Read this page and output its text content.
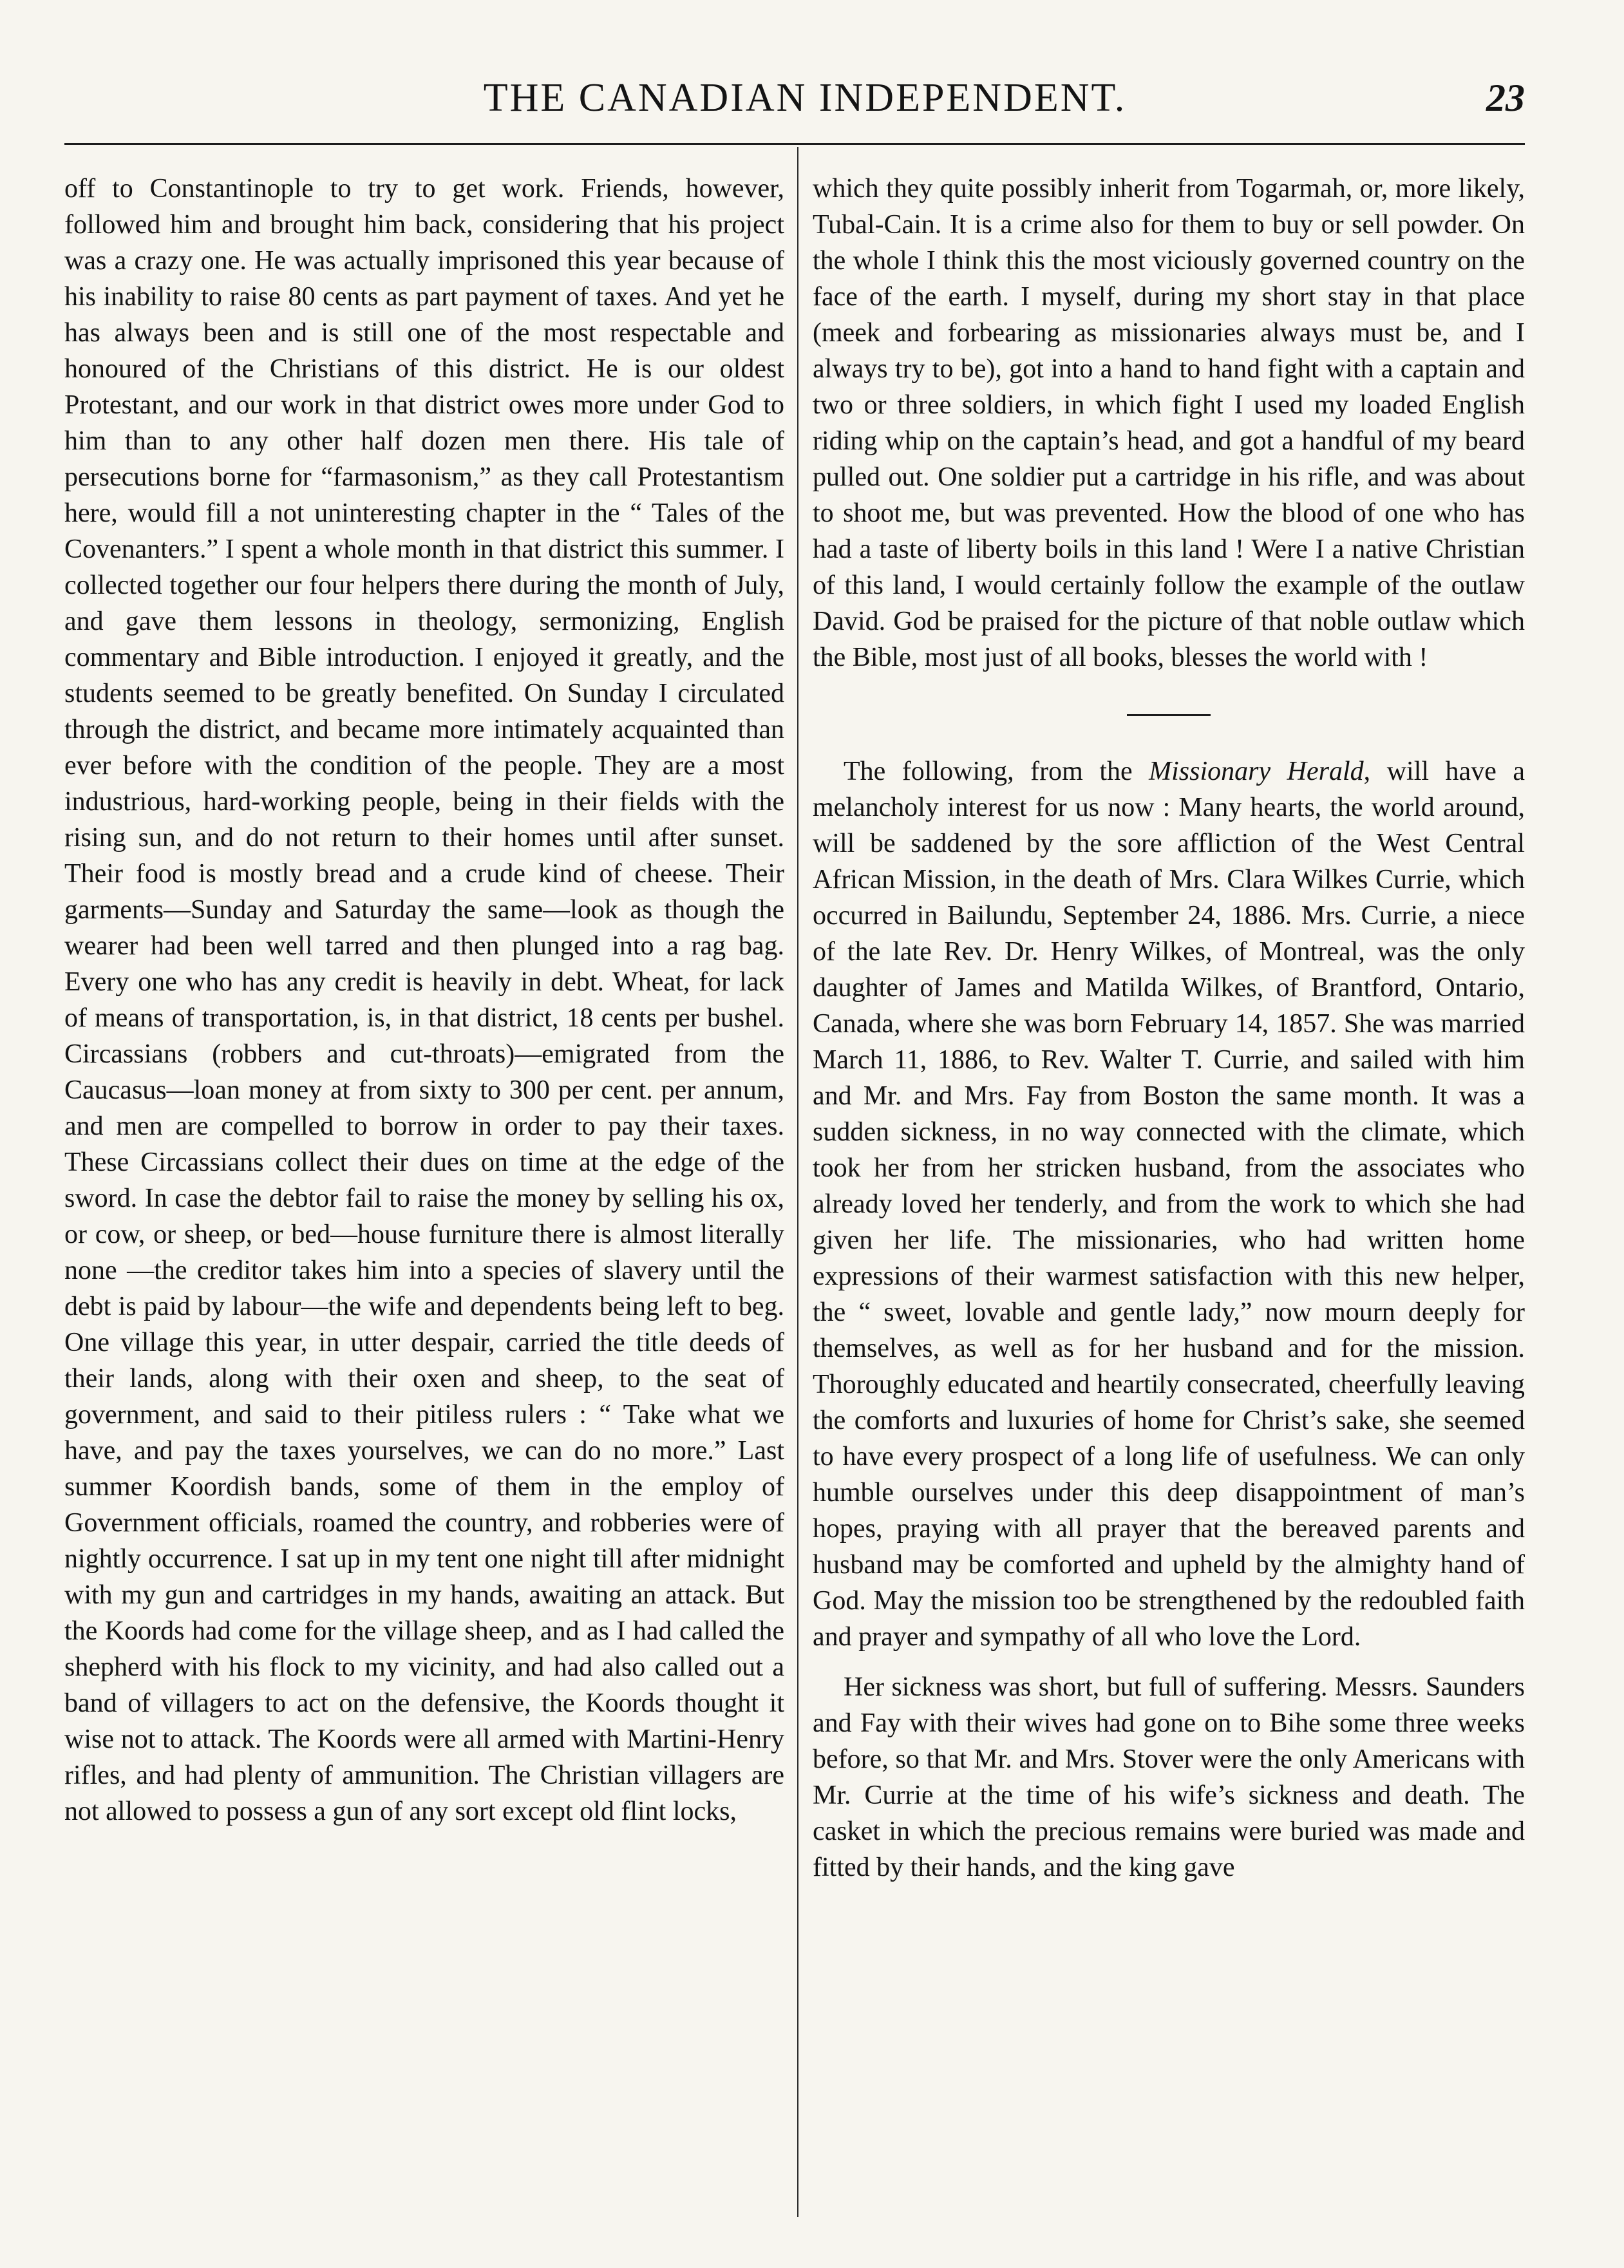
THE CANADIAN INDEPENDENT.	23

off to Constantinople to try to get work. Friends, however, followed him and brought him back, considering that his project was a crazy one. He was actually imprisoned this year because of his inability to raise 80 cents as part payment of taxes. And yet he has always been and is still one of the most respectable and honoured of the Christians of this district. He is our oldest Protestant, and our work in that district owes more under God to him than to any other half dozen men there. His tale of persecutions borne for “farmasonism,” as they call Protestantism here, would fill a not uninteresting chapter in the “ Tales of the Covenanters.” I spent a whole month in that district this summer. I collected together our four helpers there during the month of July, and gave them lessons in theology, sermonizing, English commentary and Bible introduction. I enjoyed it greatly, and the students seemed to be greatly benefited. On Sunday I circulated through the district, and became more intimately acquainted than ever before with the condition of the people. They are a most industrious, hard-working people, being in their fields with the rising sun, and do not return to their homes until after sunset. Their food is mostly bread and a crude kind of cheese. Their garments—Sunday and Saturday the same—look as though the wearer had been well tarred and then plunged into a rag bag. Every one who has any credit is heavily in debt. Wheat, for lack of means of transportation, is, in that district, 18 cents per bushel. Circassians (robbers and cut-throats)—emigrated from the Caucasus—loan money at from sixty to 300 per cent. per annum, and men are compelled to borrow in order to pay their taxes. These Circassians collect their dues on time at the edge of the sword. In case the debtor fail to raise the money by selling his ox, or cow, or sheep, or bed—house furniture there is almost literally none —the creditor takes him into a species of slavery until the debt is paid by labour—the wife and dependents being left to beg. One village this year, in utter despair, carried the title deeds of their lands, along with their oxen and sheep, to the seat of government, and said to their pitiless rulers : “ Take what we have, and pay the taxes yourselves, we can do no more.” Last summer Koordish bands, some of them in the employ of Government officials, roamed the country, and robberies were of nightly occurrence. I sat up in my tent one night till after midnight with my gun and cartridges in my hands, awaiting an attack. But the Koords had come for the village sheep, and as I had called the shepherd with his flock to my vicinity, and had also called out a band of villagers to act on the defensive, the Koords thought it wise not to attack. The Koords were all armed with Martini-Henry rifles, and had plenty of ammunition. The Christian villagers are not allowed to possess a gun of any sort except old flint locks,

which they quite possibly inherit from Togarmah, or, more likely, Tubal-Cain. It is a crime also for them to buy or sell powder. On the whole I think this the most viciously governed country on the face of the earth. I myself, during my short stay in that place (meek and forbearing as missionaries always must be, and I always try to be), got into a hand to hand fight with a captain and two or three soldiers, in which fight I used my loaded English riding whip on the captain’s head, and got a handful of my beard pulled out. One soldier put a cartridge in his rifle, and was about to shoot me, but was prevented. How the blood of one who has had a taste of liberty boils in this land ! Were I a native Christian of this land, I would certainly follow the example of the outlaw David. God be praised for the picture of that noble outlaw which the Bible, most just of all books, blesses the world with !

The following, from the Missionary Herald, will have a melancholy interest for us now : Many hearts, the world around, will be saddened by the sore affliction of the West Central African Mission, in the death of Mrs. Clara Wilkes Currie, which occurred in Bailundu, September 24, 1886. Mrs. Currie, a niece of the late Rev. Dr. Henry Wilkes, of Montreal, was the only daughter of James and Matilda Wilkes, of Brantford, Ontario, Canada, where she was born February 14, 1857. She was married March 11, 1886, to Rev. Walter T. Currie, and sailed with him and Mr. and Mrs. Fay from Boston the same month. It was a sudden sickness, in no way connected with the climate, which took her from her stricken husband, from the associates who already loved her tenderly, and from the work to which she had given her life. The missionaries, who had written home expressions of their warmest satisfaction with this new helper, the “ sweet, lovable and gentle lady,” now mourn deeply for themselves, as well as for her husband and for the mission. Thoroughly educated and heartily consecrated, cheerfully leaving the comforts and luxuries of home for Christ’s sake, she seemed to have every prospect of a long life of usefulness. We can only humble ourselves under this deep disappointment of man’s hopes, praying with all prayer that the bereaved parents and husband may be comforted and upheld by the almighty hand of God. May the mission too be strengthened by the redoubled faith and prayer and sympathy of all who love the Lord.

Her sickness was short, but full of suffering. Messrs. Saunders and Fay with their wives had gone on to Bihe some three weeks before, so that Mr. and Mrs. Stover were the only Americans with Mr. Currie at the time of his wife’s sickness and death. The casket in which the precious remains were buried was made and fitted by their hands, and the king gave
